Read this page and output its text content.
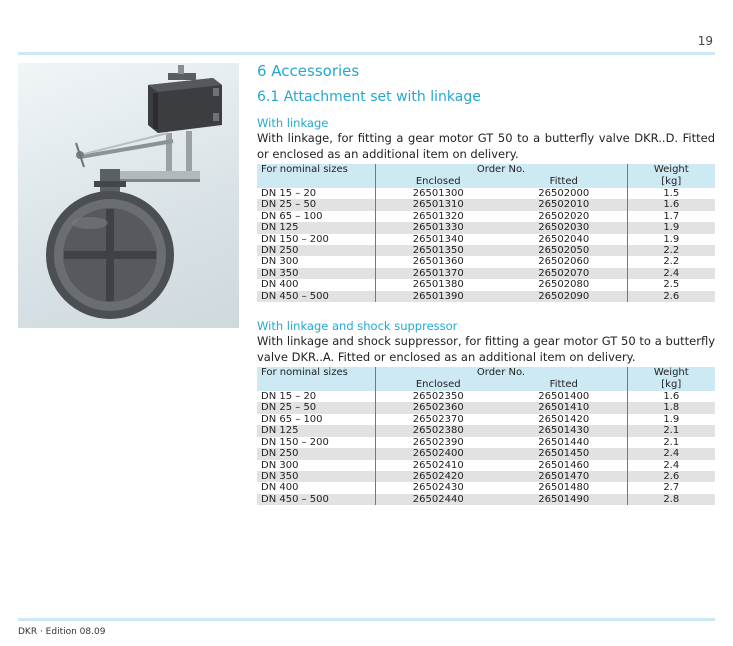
19
6 Accessories
6.1 Attachment set with linkage
With linkage

With linkage, for fitting a gear motor GT 50 to a butterfly valve DKR..D. Fitted or enclosed as an additional item on delivery.

For nominal sizes	Order No.		Weight
	Enclosed	Fitted	[kg]
DN 15 – 20	26501300	26502000	1.5
DN 25 – 50	26501310	26502010	1.6
DN 65 – 100	26501320	26502020	1.7
DN 125	26501330	26502030	1.9
DN 150 – 200	26501340	26502040	1.9
DN 250	26501350	26502050	2.2
DN 300	26501360	26502060	2.2
DN 350	26501370	26502070	2.4
DN 400	26501380	26502080	2.5
DN 450 – 500	26501390	26502090	2.6
With linkage and shock suppressor

With linkage and shock suppressor, for fitting a gear motor GT 50 to a butterfly valve DKR..A. Fitted or enclosed as an additional item on delivery.

For nominal sizes	Order No.		Weight
	Enclosed	Fitted	[kg]
DN 15 – 20	26502350	26501400	1.6
DN 25 – 50	26502360	26501410	1.8
DN 65 – 100	26502370	26501420	1.9
DN 125	26502380	26501430	2.1
DN 150 – 200	26502390	26501440	2.1
DN 250	26502400	26501450	2.4
DN 300	26502410	26501460	2.4
DN 350	26502420	26501470	2.6
DN 400	26502430	26501480	2.7
DN 450 – 500	26502440	26501490	2.8
DKR · Edition 08.09
